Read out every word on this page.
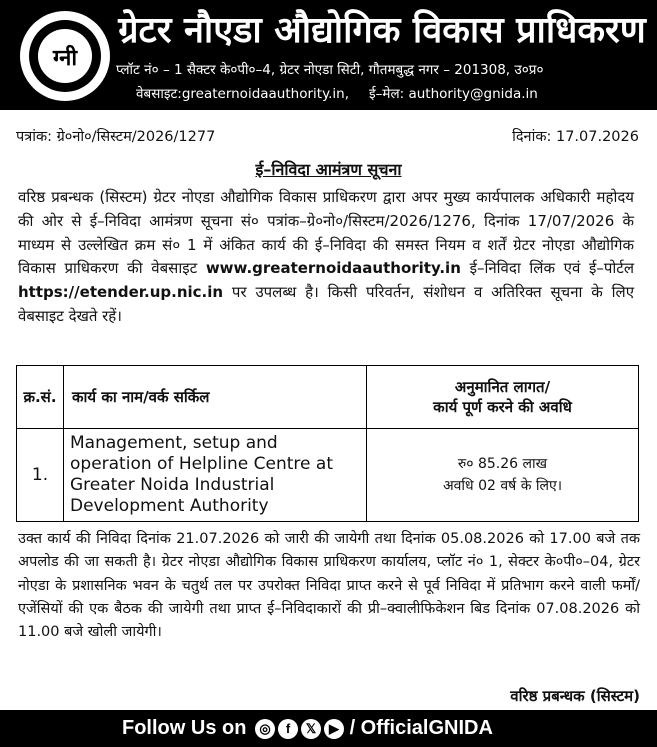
ग्नी
ग्रेटर नौएडा औद्योगिक विकास प्राधिकरण
प्लॉट नं० – 1 सैक्टर के०पी०–4, ग्रेटर नोएडा सिटी, गौतमबुद्ध नगर – 201308, उ०प्र०
वेबसाइट:greaternoidaauthority.in, ई–मेल: authority@gnida.in
पत्रांक: ग्रे०नो०/सिस्टम/2026/1277	दिनांक: 17.07.2026
ई–निविदा आमंत्रण सूचना
वरिष्ठ प्रबन्धक (सिस्टम) ग्रेटर नोएडा औद्योगिक विकास प्राधिकरण द्वारा अपर मुख्य कार्यपालक अधिकारी महोदय की ओर से ई–निविदा आमंत्रण सूचना सं० पत्रांक–ग्रे०नो०/सिस्टम/2026/1276, दिनांक 17/07/2026 के माध्यम से उल्लेखित क्रम सं० 1 में अंकित कार्य की ई–निविदा की समस्त नियम व शर्तें ग्रेटर नोएडा औद्योगिक विकास प्राधिकरण की वेबसाइट www.greaternoidaauthority.in ई–निविदा लिंक एवं ई–पोर्टल https://etender.up.nic.in पर उपलब्ध है। किसी परिवर्तन, संशोधन व अतिरिक्त सूचना के लिए वेबसाइट देखते रहें।
क्र.सं.	कार्य का नाम/वर्क सर्किल	अनुमानित लागत/
कार्य पूर्ण करने की अवधि

1.	Management, setup and operation of Helpline Centre at Greater Noida Industrial Development Authority	रु० 85.26 लाख
अवधि 02 वर्ष के लिए।
उक्त कार्य की निविदा दिनांक 21.07.2026 को जारी की जायेगी तथा दिनांक 05.08.2026 को 17.00 बजे तक अपलोड की जा सकती है। ग्रेटर नोएडा औद्योगिक विकास प्राधिकरण कार्यालय, प्लॉट नं० 1, सेक्टर के०पी०–04, ग्रेटर नोएडा के प्रशासनिक भवन के चतुर्थ तल पर उपरोक्त निविदा प्राप्त करने से पूर्व निविदा में प्रतिभाग करने वाली फर्मों/एजेंसियों की एक बैठक की जायेगी तथा प्राप्त ई–निविदाकारों की प्री–क्वालीफिकेशन बिड दिनांक 07.08.2026 को 11.00 बजे खोली जायेगी।
वरिष्ठ प्रबन्धक (सिस्टम)
Follow Us on ◎ f 𝕏 ▶ / OfficialGNIDA
